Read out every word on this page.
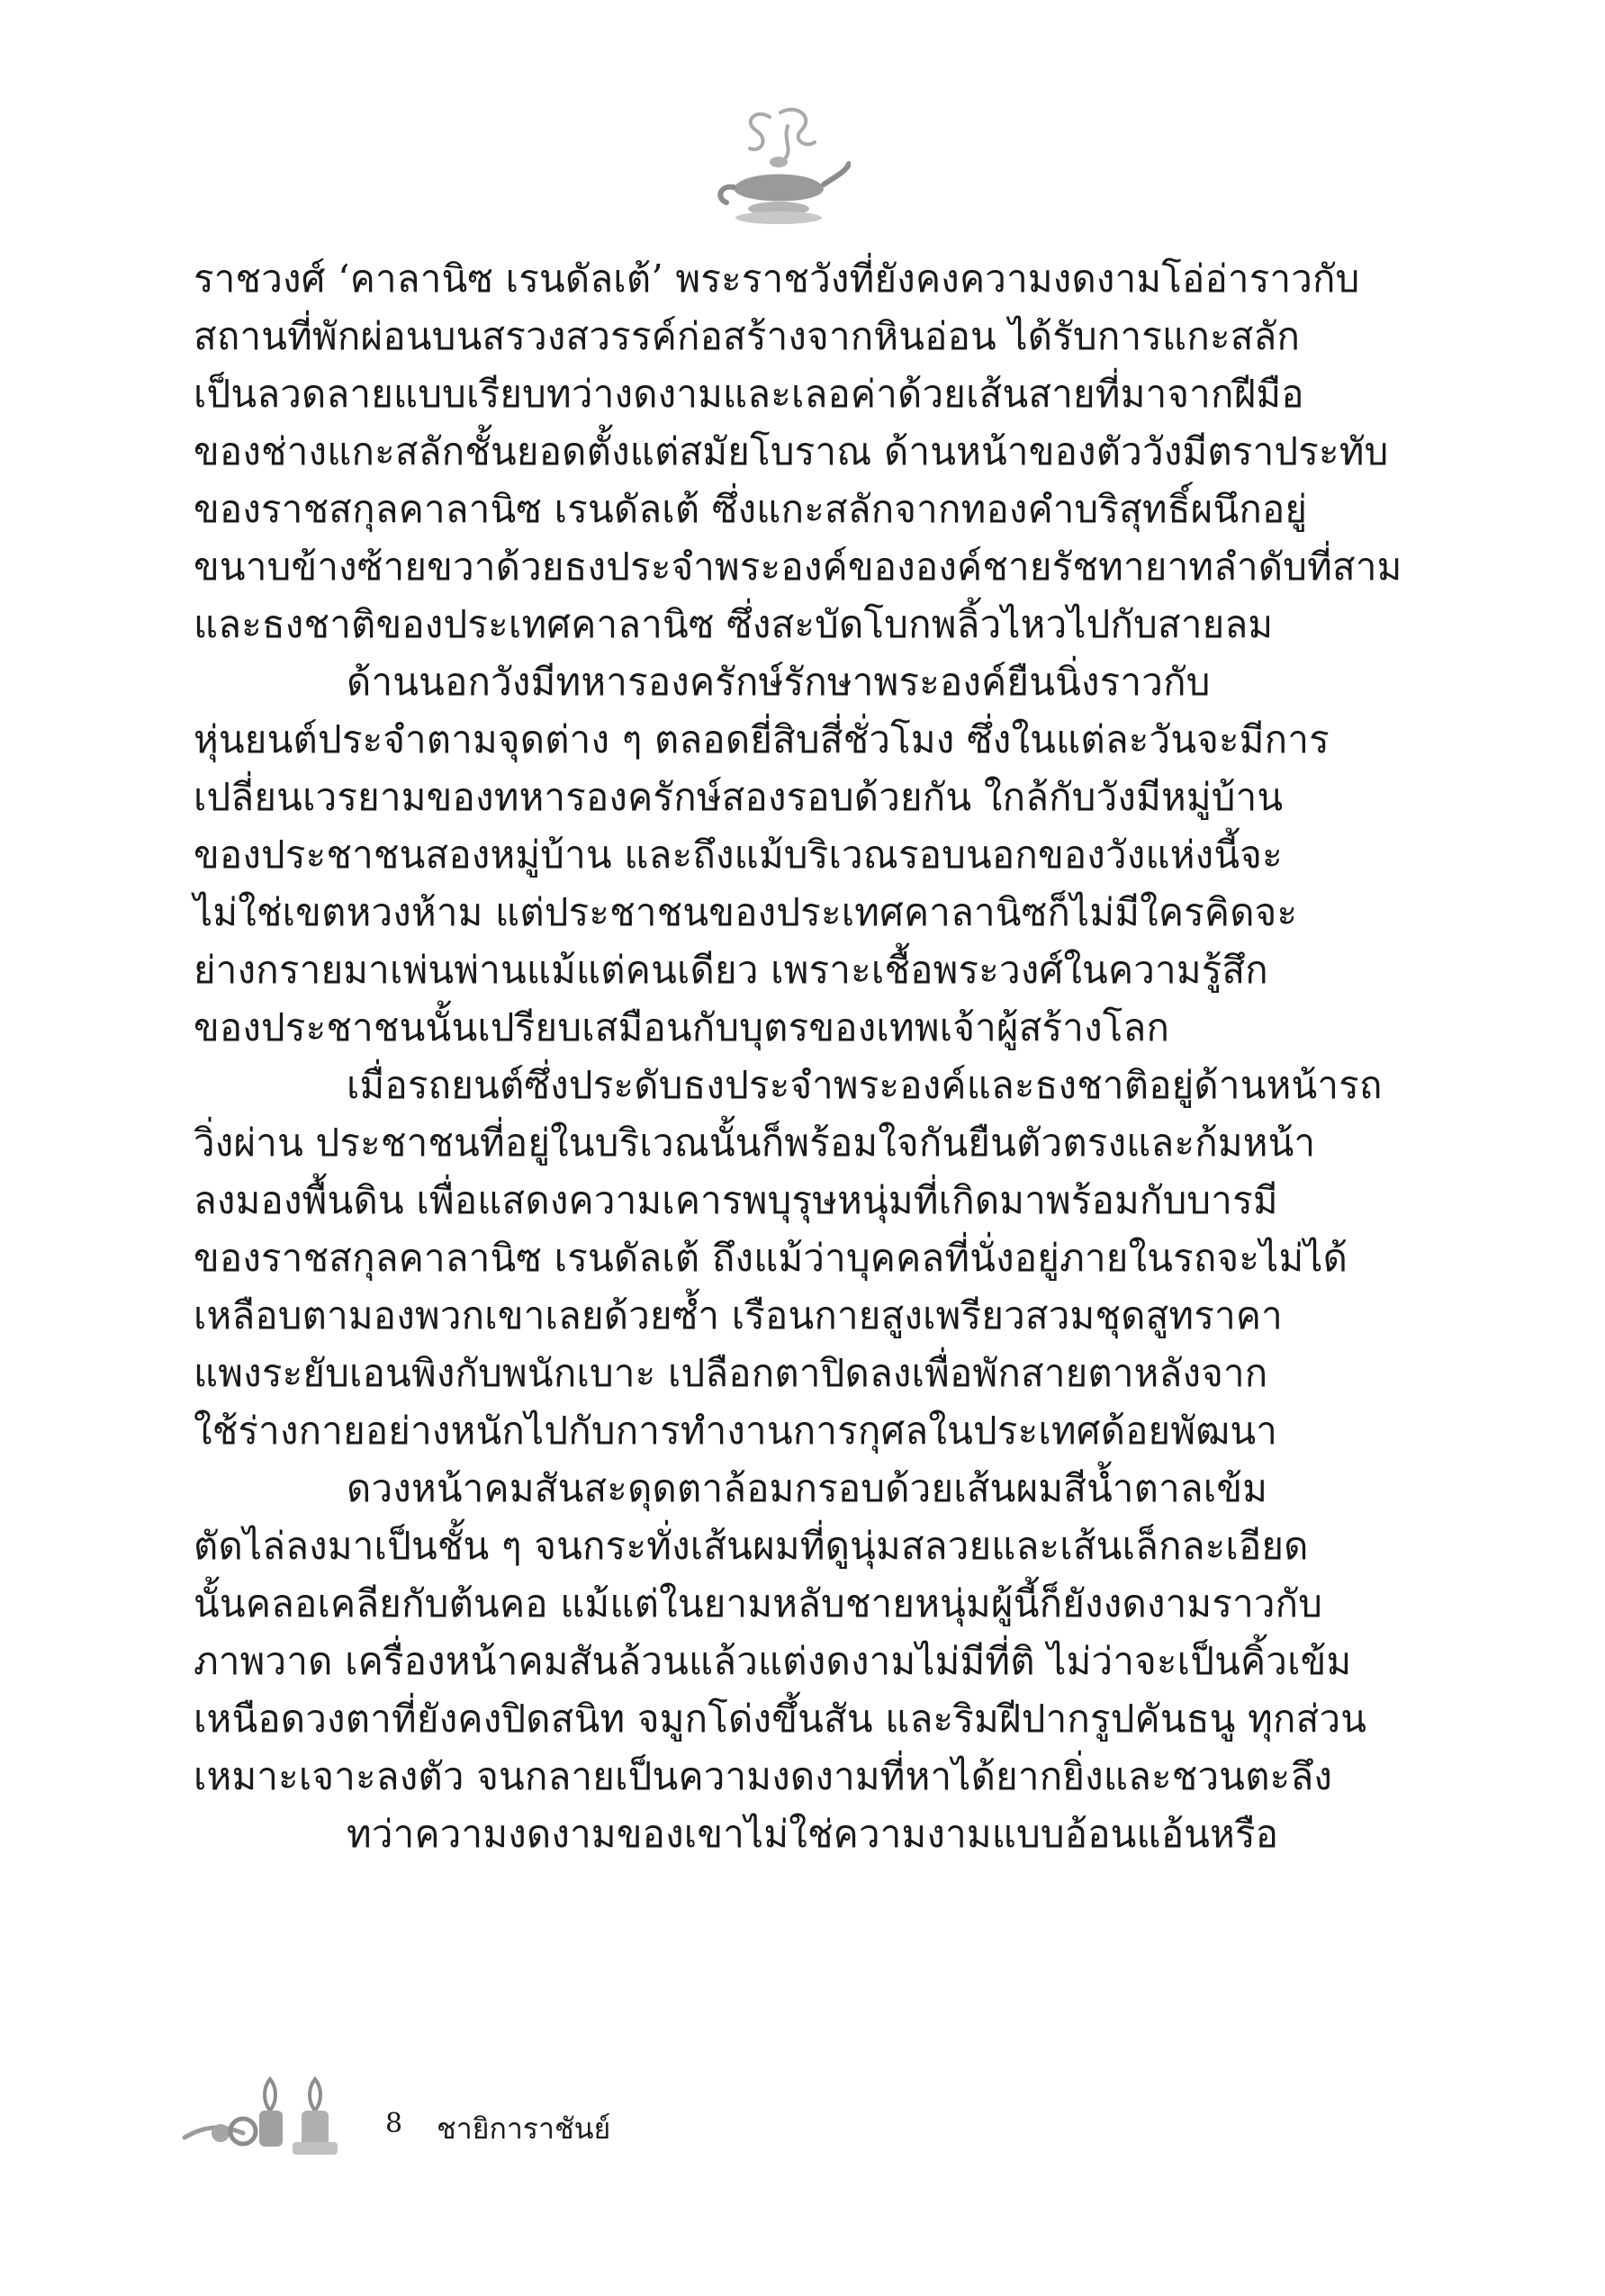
ราชวงศ์ ‘คาลานิซ เรนดัลเต้’ พระราชวังที่ยังคงความงดงามโอ่อ่าราวกับ
สถานที่พักผ่อนบนสรวงสวรรค์ก่อสร้างจากหินอ่อน ได้รับการแกะสลัก
เป็นลวดลายแบบเรียบทว่างดงามและเลอค่าด้วยเส้นสายที่มาจากฝีมือ
ของช่างแกะสลักชั้นยอดตั้งแต่สมัยโบราณ ด้านหน้าของตัววังมีตราประทับ
ของราชสกุลคาลานิซ เรนดัลเต้ ซึ่งแกะสลักจากทองคำบริสุทธิ์ผนึกอยู่
ขนาบข้างซ้ายขวาด้วยธงประจำพระองค์ขององค์ชายรัชทายาทลำดับที่สาม
และธงชาติของประเทศคาลานิซ ซึ่งสะบัดโบกพลิ้วไหวไปกับสายลม
ด้านนอกวังมีทหารองครักษ์รักษาพระองค์ยืนนิ่งราวกับ
หุ่นยนต์ประจำตามจุดต่าง ๆ ตลอดยี่สิบสี่ชั่วโมง ซึ่งในแต่ละวันจะมีการ
เปลี่ยนเวรยามของทหารองครักษ์สองรอบด้วยกัน ใกล้กับวังมีหมู่บ้าน
ของประชาชนสองหมู่บ้าน และถึงแม้บริเวณรอบนอกของวังแห่งนี้จะ
ไม่ใช่เขตหวงห้าม แต่ประชาชนของประเทศคาลานิซก็ไม่มีใครคิดจะ
ย่างกรายมาเพ่นพ่านแม้แต่คนเดียว เพราะเชื้อพระวงศ์ในความรู้สึก
ของประชาชนนั้นเปรียบเสมือนกับบุตรของเทพเจ้าผู้สร้างโลก
เมื่อรถยนต์ซึ่งประดับธงประจำพระองค์และธงชาติอยู่ด้านหน้ารถ
วิ่งผ่าน ประชาชนที่อยู่ในบริเวณนั้นก็พร้อมใจกันยืนตัวตรงและก้มหน้า
ลงมองพื้นดิน เพื่อแสดงความเคารพบุรุษหนุ่มที่เกิดมาพร้อมกับบารมี
ของราชสกุลคาลานิซ เรนดัลเต้ ถึงแม้ว่าบุคคลที่นั่งอยู่ภายในรถจะไม่ได้
เหลือบตามองพวกเขาเลยด้วยซ้ำ เรือนกายสูงเพรียวสวมชุดสูทราคา
แพงระยับเอนพิงกับพนักเบาะ เปลือกตาปิดลงเพื่อพักสายตาหลังจาก
ใช้ร่างกายอย่างหนักไปกับการทำงานการกุศลในประเทศด้อยพัฒนา
ดวงหน้าคมสันสะดุดตาล้อมกรอบด้วยเส้นผมสีน้ำตาลเข้ม
ตัดไล่ลงมาเป็นชั้น ๆ จนกระทั่งเส้นผมที่ดูนุ่มสลวยและเส้นเล็กละเอียด
นั้นคลอเคลียกับต้นคอ แม้แต่ในยามหลับชายหนุ่มผู้นี้ก็ยังงดงามราวกับ
ภาพวาด เครื่องหน้าคมสันล้วนแล้วแต่งดงามไม่มีที่ติ ไม่ว่าจะเป็นคิ้วเข้ม
เหนือดวงตาที่ยังคงปิดสนิท จมูกโด่งขึ้นสัน และริมฝีปากรูปคันธนู ทุกส่วน
เหมาะเจาะลงตัว จนกลายเป็นความงดงามที่หาได้ยากยิ่งและชวนตะลึง
ทว่าความงดงามของเขาไม่ใช่ความงามแบบอ้อนแอ้นหรือ
8 ชายิการาชันย์
